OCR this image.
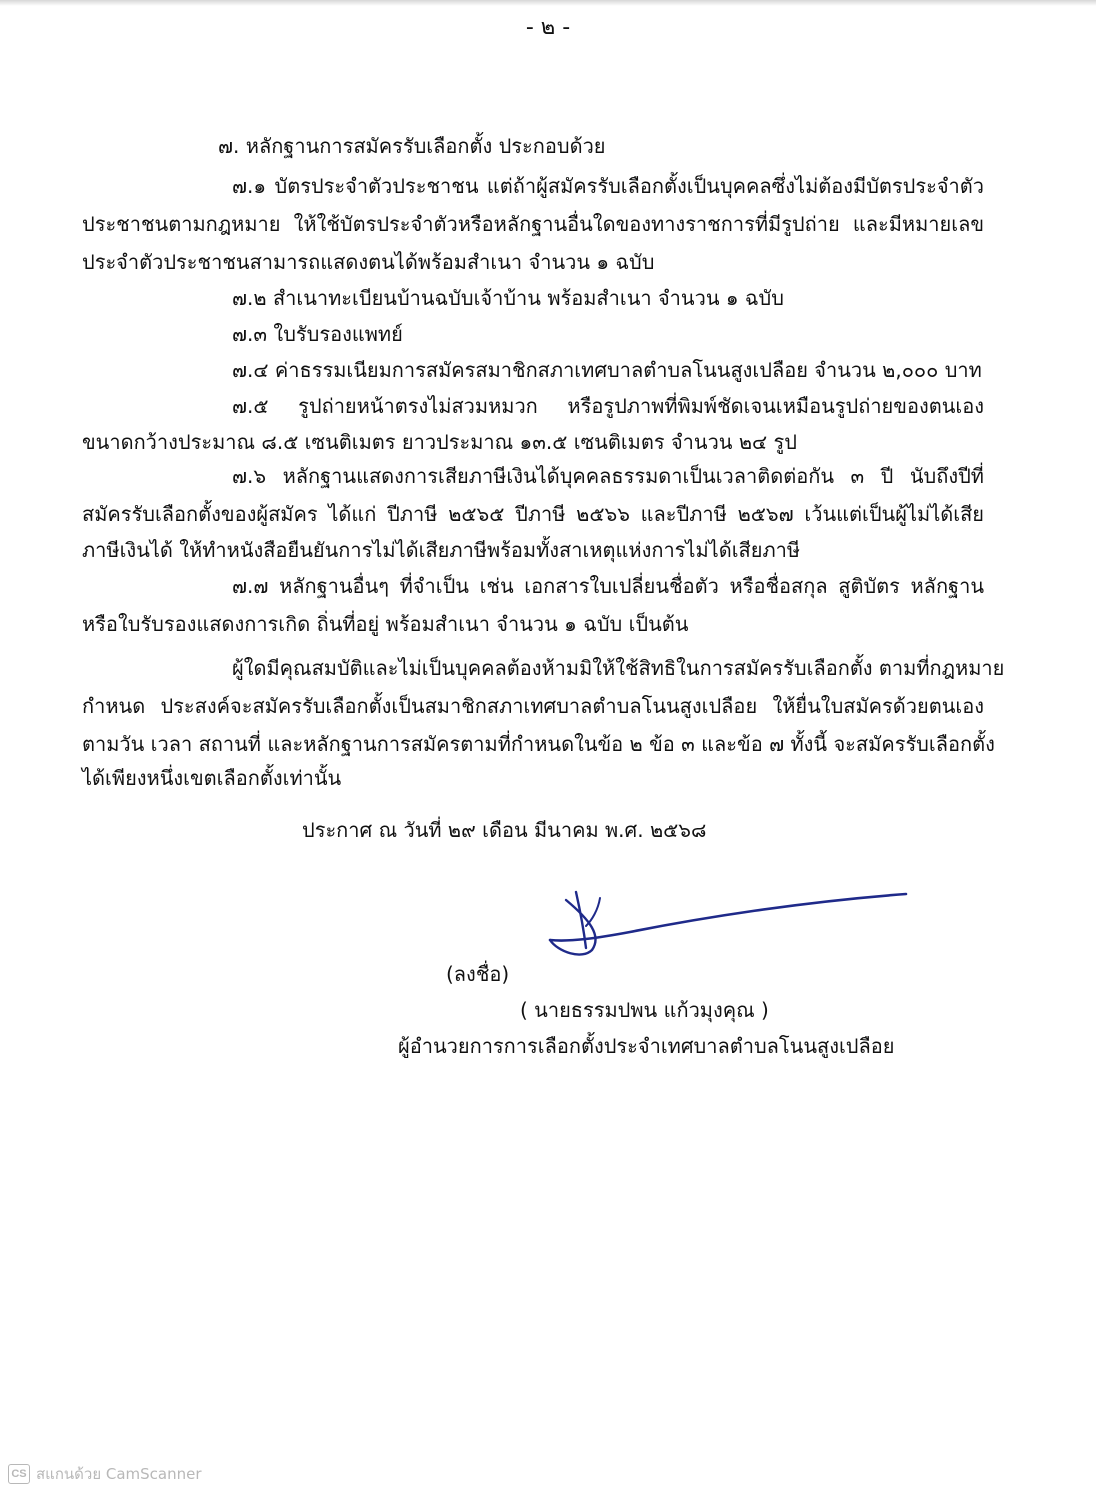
- ๒ -
๗. หลักฐานการสมัครรับเลือกตั้ง ประกอบด้วย
๗.๑ บัตรประจำตัวประชาชน แต่ถ้าผู้สมัครรับเลือกตั้งเป็นบุคคลซึ่งไม่ต้องมีบัตรประจำตัว
ประชาชนตามกฎหมาย ให้ใช้บัตรประจำตัวหรือหลักฐานอื่นใดของทางราชการที่มีรูปถ่าย และมีหมายเลข
ประจำตัวประชาชนสามารถแสดงตนได้พร้อมสำเนา จำนวน ๑ ฉบับ
๗.๒ สำเนาทะเบียนบ้านฉบับเจ้าบ้าน พร้อมสำเนา จำนวน ๑ ฉบับ
๗.๓ ใบรับรองแพทย์
๗.๔ ค่าธรรมเนียมการสมัครสมาชิกสภาเทศบาลตำบลโนนสูงเปลือย จำนวน ๒,๐๐๐ บาท
๗.๕ รูปถ่ายหน้าตรงไม่สวมหมวก หรือรูปภาพที่พิมพ์ชัดเจนเหมือนรูปถ่ายของตนเอง
ขนาดกว้างประมาณ ๘.๕ เซนติเมตร ยาวประมาณ ๑๓.๕ เซนติเมตร จำนวน ๒๔ รูป
๗.๖ หลักฐานแสดงการเสียภาษีเงินได้บุคคลธรรมดาเป็นเวลาติดต่อกัน ๓ ปี นับถึงปีที่
สมัครรับเลือกตั้งของผู้สมัคร ได้แก่ ปีภาษี ๒๕๖๕ ปีภาษี ๒๕๖๖ และปีภาษี ๒๕๖๗ เว้นแต่เป็นผู้ไม่ได้เสีย
ภาษีเงินได้ ให้ทำหนังสือยืนยันการไม่ได้เสียภาษีพร้อมทั้งสาเหตุแห่งการไม่ได้เสียภาษี
๗.๗ หลักฐานอื่นๆ ที่จำเป็น เช่น เอกสารใบเปลี่ยนชื่อตัว หรือชื่อสกุล สูติบัตร หลักฐาน
หรือใบรับรองแสดงการเกิด ถิ่นที่อยู่ พร้อมสำเนา จำนวน ๑ ฉบับ เป็นต้น
ผู้ใดมีคุณสมบัติและไม่เป็นบุคคลต้องห้ามมิให้ใช้สิทธิในการสมัครรับเลือกตั้ง ตามที่กฎหมาย
กำหนด ประสงค์จะสมัครรับเลือกตั้งเป็นสมาชิกสภาเทศบาลตำบลโนนสูงเปลือย ให้ยื่นใบสมัครด้วยตนเอง
ตามวัน เวลา สถานที่ และหลักฐานการสมัครตามที่กำหนดในข้อ ๒ ข้อ ๓ และข้อ ๗ ทั้งนี้ จะสมัครรับเลือกตั้ง
ได้เพียงหนึ่งเขตเลือกตั้งเท่านั้น
ประกาศ ณ วันที่ ๒๙ เดือน มีนาคม พ.ศ. ๒๕๖๘
(ลงชื่อ)
( นายธรรมปพน แก้วมุงคุณ )
ผู้อำนวยการการเลือกตั้งประจำเทศบาลตำบลโนนสูงเปลือย
CS สแกนด้วย CamScanner
